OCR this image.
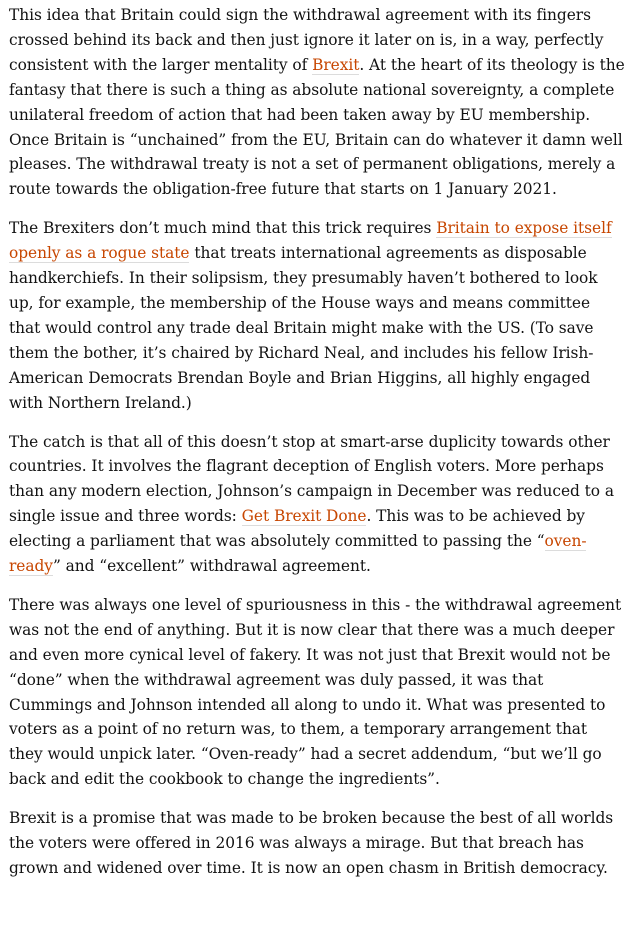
This idea that Britain could sign the withdrawal agreement with its fingers crossed behind its back and then just ignore it later on is, in a way, perfectly consistent with the larger mentality of Brexit. At the heart of its theology is the fantasy that there is such a thing as absolute national sovereignty, a complete unilateral freedom of action that had been taken away by EU membership. Once Britain is “unchained” from the EU, Britain can do whatever it damn well pleases. The withdrawal treaty is not a set of permanent obligations, merely a route towards the obligation-free future that starts on 1 January 2021.

The Brexiters don’t much mind that this trick requires Britain to expose itself openly as a rogue state that treats international agreements as disposable handkerchiefs. In their solipsism, they presumably haven’t bothered to look up, for example, the membership of the House ways and means committee that would control any trade deal Britain might make with the US. (To save them the bother, it’s chaired by Richard Neal, and includes his fellow Irish-American Democrats Brendan Boyle and Brian Higgins, all highly engaged with Northern Ireland.)

The catch is that all of this doesn’t stop at smart-arse duplicity towards other countries. It involves the flagrant deception of English voters. More perhaps than any modern election, Johnson’s campaign in December was reduced to a single issue and three words: Get Brexit Done. This was to be achieved by electing a parliament that was absolutely committed to passing the “oven-ready” and “excellent” withdrawal agreement.

There was always one level of spuriousness in this - the withdrawal agreement was not the end of anything. But it is now clear that there was a much deeper and even more cynical level of fakery. It was not just that Brexit would not be “done” when the withdrawal agreement was duly passed, it was that Cummings and Johnson intended all along to undo it. What was presented to voters as a point of no return was, to them, a temporary arrangement that they would unpick later. “Oven-ready” had a secret addendum, “but we’ll go back and edit the cookbook to change the ingredients”.

Brexit is a promise that was made to be broken because the best of all worlds the voters were offered in 2016 was always a mirage. But that breach has grown and widened over time. It is now an open chasm in British democracy.
